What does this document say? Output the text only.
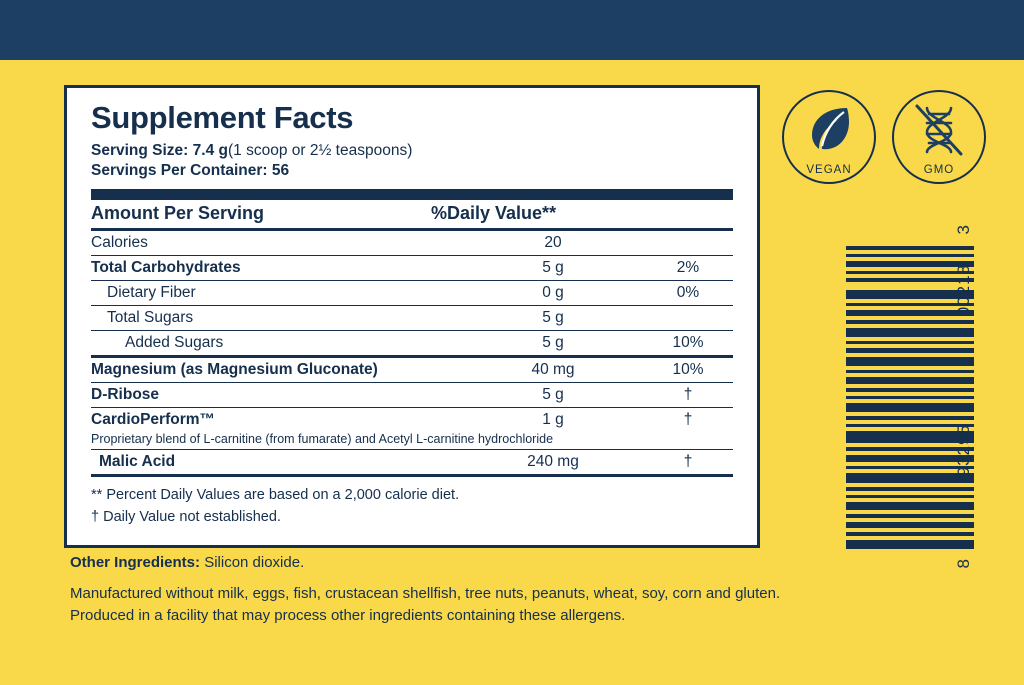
Supplement Facts

Serving Size: 7.4 g(1 scoop or 2½ teaspoons)

Servings Per Container: 56

Amount Per Serving	%Daily Value**
Calories	20	
Total Carbohydrates	5 g	2%
Dietary Fiber	0 g	0%
Total Sugars	5 g	
Added Sugars	5 g	10%
Magnesium (as Magnesium Gluconate)	40 mg	10%
D-Ribose	5 g	†
CardioPerform™	1 g	†
Proprietary blend of L-carnitine (from fumarate) and Acetyl L-carnitine hydrochloride		
Malic Acid	240 mg	†
** Percent Daily Values are based on a 2,000 calorie diet.
† Daily Value not established.

Other Ingredients: Silicon dioxide.

Manufactured without milk, eggs, fish, crustacean shellfish, tree nuts, peanuts, wheat, soy, corn and gluten. Produced in a facility that may process other ingredients containing these allergens.

VEGAN	GMO
3
00218
93295
8
